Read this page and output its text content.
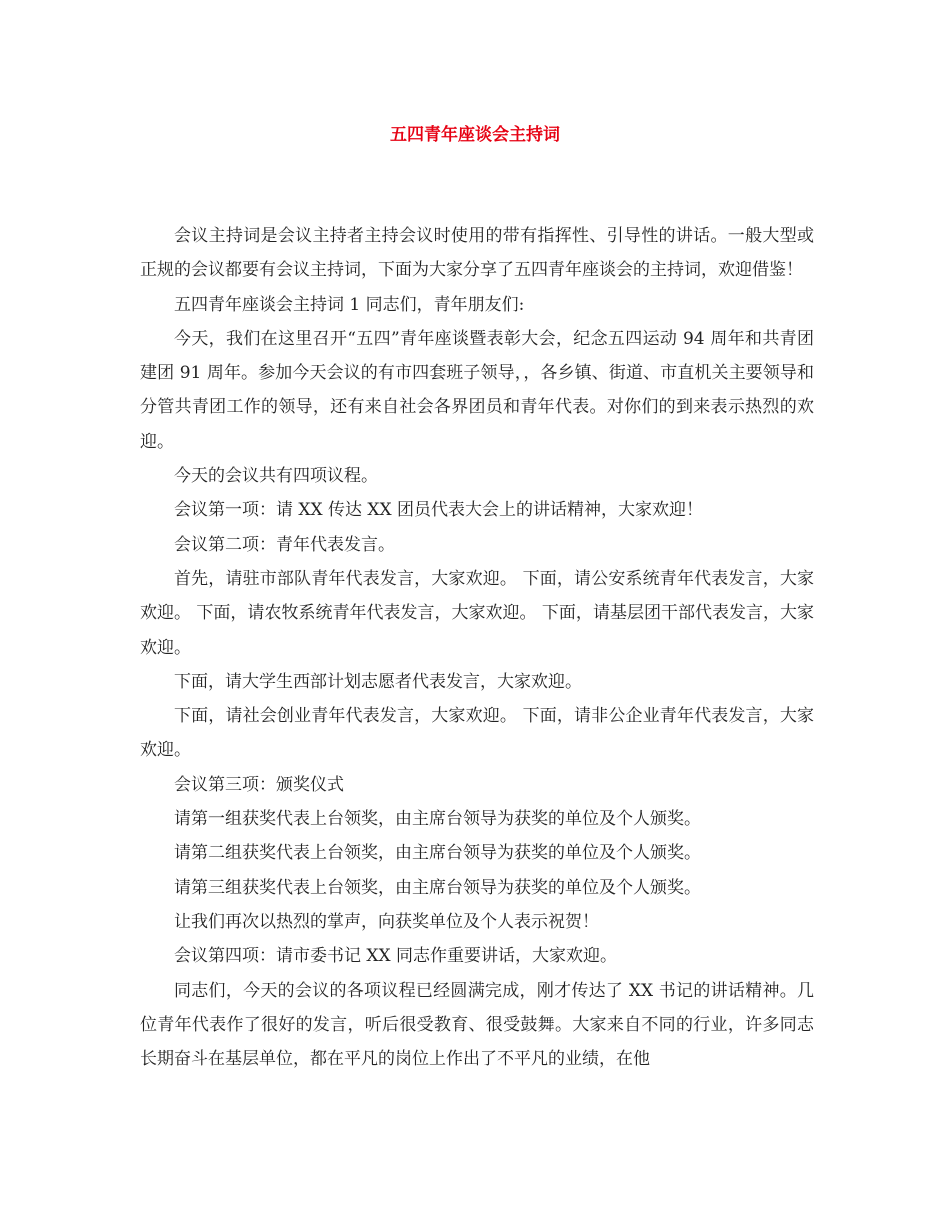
五四青年座谈会主持词

会议主持词是会议主持者主持会议时使用的带有指挥性、引导性的讲话。一般大型或正规的会议都要有会议主持词，下面为大家分享了五四青年座谈会的主持词，欢迎借鉴！

五四青年座谈会主持词 1 同志们，青年朋友们:

今天，我们在这里召开“五四”青年座谈暨表彰大会，纪念五四运动 94 周年和共青团建团 91 周年。参加今天会议的有市四套班子领导，，各乡镇、街道、市直机关主要领导和分管共青团工作的领导，还有来自社会各界团员和青年代表。对你们的到来表示热烈的欢迎。

今天的会议共有四项议程。

会议第一项：请 XX 传达 XX 团员代表大会上的讲话精神，大家欢迎！

会议第二项：青年代表发言。

首先，请驻市部队青年代表发言，大家欢迎。 下面，请公安系统青年代表发言，大家欢迎。 下面，请农牧系统青年代表发言，大家欢迎。 下面，请基层团干部代表发言，大家欢迎。

下面，请大学生西部计划志愿者代表发言，大家欢迎。

下面，请社会创业青年代表发言，大家欢迎。 下面，请非公企业青年代表发言，大家欢迎。

会议第三项：颁奖仪式

请第一组获奖代表上台领奖，由主席台领导为获奖的单位及个人颁奖。

请第二组获奖代表上台领奖，由主席台领导为获奖的单位及个人颁奖。

请第三组获奖代表上台领奖，由主席台领导为获奖的单位及个人颁奖。

让我们再次以热烈的掌声，向获奖单位及个人表示祝贺！

会议第四项：请市委书记 XX 同志作重要讲话，大家欢迎。

同志们，今天的会议的各项议程已经圆满完成，刚才传达了 XX 书记的讲话精神。几位青年代表作了很好的发言，听后很受教育、很受鼓舞。大家来自不同的行业，许多同志长期奋斗在基层单位，都在平凡的岗位上作出了不平凡的业绩，在他
